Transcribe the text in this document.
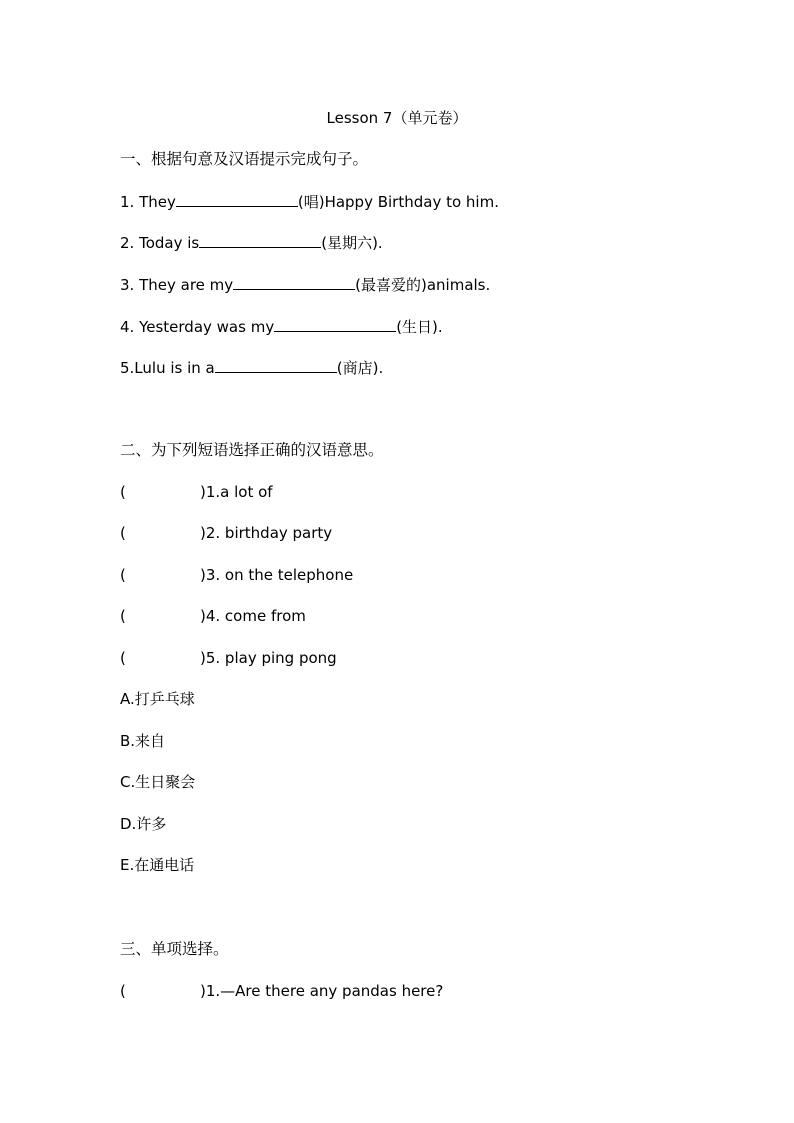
Lesson 7（单元卷）
一、根据句意及汉语提示完成句子。
1. They	(唱)Happy Birthday to him.
2. Today is	(星期六).
3. They are my	(最喜爱的)animals.
4. Yesterday was my	(生日).
5.Lulu is in a	(商店).
二、为下列短语选择正确的汉语意思。
(	)1.a lot of
(	)2. birthday party
(	)3. on the telephone
(	)4. come from
(	)5. play ping pong
A.打乒乓球
B.来自
C.生日聚会
D.许多
E.在通电话
三、单项选择。
(	)1.—Are there any pandas here?
